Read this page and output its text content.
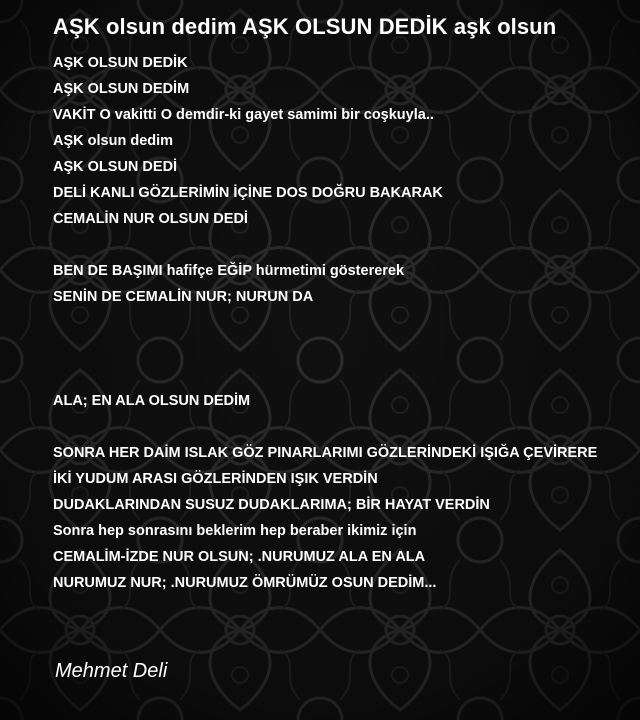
AŞK olsun dedim AŞK OLSUN DEDİK aşk olsun
AŞK OLSUN DEDİK
AŞK OLSUN DEDİM
VAKİT O vakitti O demdir-ki gayet samimi bir coşkuyla..
AŞK olsun dedim
AŞK OLSUN DEDİ
DELİ KANLI GÖZLERİMİN İÇİNE DOS DOĞRU BAKARAK
CEMALİN NUR OLSUN DEDİ
BEN DE BAŞIMI hafifçe EĞİP hürmetimi göstererek
SENİN DE CEMALİN NUR; NURUN DA
ALA; EN ALA OLSUN DEDİM
SONRA HER DAİM ISLAK GÖZ PINARLARIMI GÖZLERİNDEKİ IŞIĞA ÇEVİRERE
İKİ YUDUM ARASI GÖZLERİNDEN IŞIK VERDİN
DUDAKLARINDAN SUSUZ DUDAKLARIMA; BİR HAYAT VERDİN
Sonra hep sonrasını beklerim hep beraber ikimiz için
CEMALİM-İZDE NUR OLSUN; .NURUMUZ ALA EN ALA
NURUMUZ NUR; .NURUMUZ ÖMRÜMÜZ OSUN DEDİM...
Mehmet Deli
